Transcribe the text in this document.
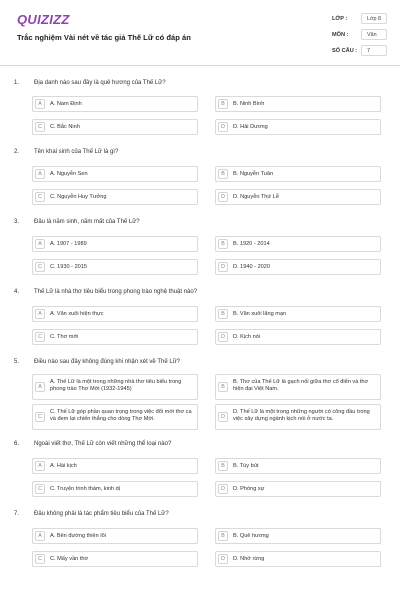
QUIZIZZ
Trắc nghiệm Vài nét về tác giả Thế Lữ có đáp án
LỚP :	Lớp 8
MÔN :	Văn
SỐ CÂU :	7
1. Địa danh nào sau đây là quê hương của Thế Lữ?
A	A. Nam Định	B	B. Ninh Bình
C	C. Bắc Ninh	D	D. Hải Dương
2. Tên khai sinh của Thế Lữ là gì?
A	A. Nguyễn Sen	B	B. Nguyễn Tuân
C	C. Nguyễn Huy Tưởng	D	D. Nguyễn Thứ Lễ
3. Đâu là năm sinh, năm mất của Thế Lữ?
A	A. 1907 - 1989	B	B. 1920 - 2014
C	C. 1930 - 2015	D	D. 1940 - 2020
4. Thế Lữ là nhà thơ tiêu biểu trong phong trào nghệ thuật nào?
A	A. Văn xuôi hiện thực	B	B. Văn xuôi lãng mạn
C	C. Thơ mới	D	D. Kịch nói
5. Điều nào sau đây không đúng khi nhận xét về Thế Lữ?
A
A. Thế Lữ là một trong những nhà thơ tiêu biểu trong phong trào Thơ Mới (1932-1945)	B
B. Thơ của Thế Lữ là gạch nối giữa thơ cổ điển và thơ hiện đại Việt Nam.
C
C. Thế Lữ góp phần quan trọng trong việc đổi mới thơ ca và đem lại chiến thắng cho dòng Thơ Mới.	D
D. Thế Lữ là một trong những người có công đầu trong việc xây dựng ngành kịch nói ở nước ta.
6. Ngoài viết thơ, Thế Lữ còn viết những thể loại nào?
A	A. Hài kịch	B	B. Tùy bút
C	C. Truyện trinh thám, kinh dị	D	D. Phóng sự
7. Đâu không phải là tác phẩm tiêu biểu của Thế Lữ?
A	A. Bên đường thiên lôi	B	B. Quê hương
C	C. Mấy vần thơ	D	D. Nhớ rừng
